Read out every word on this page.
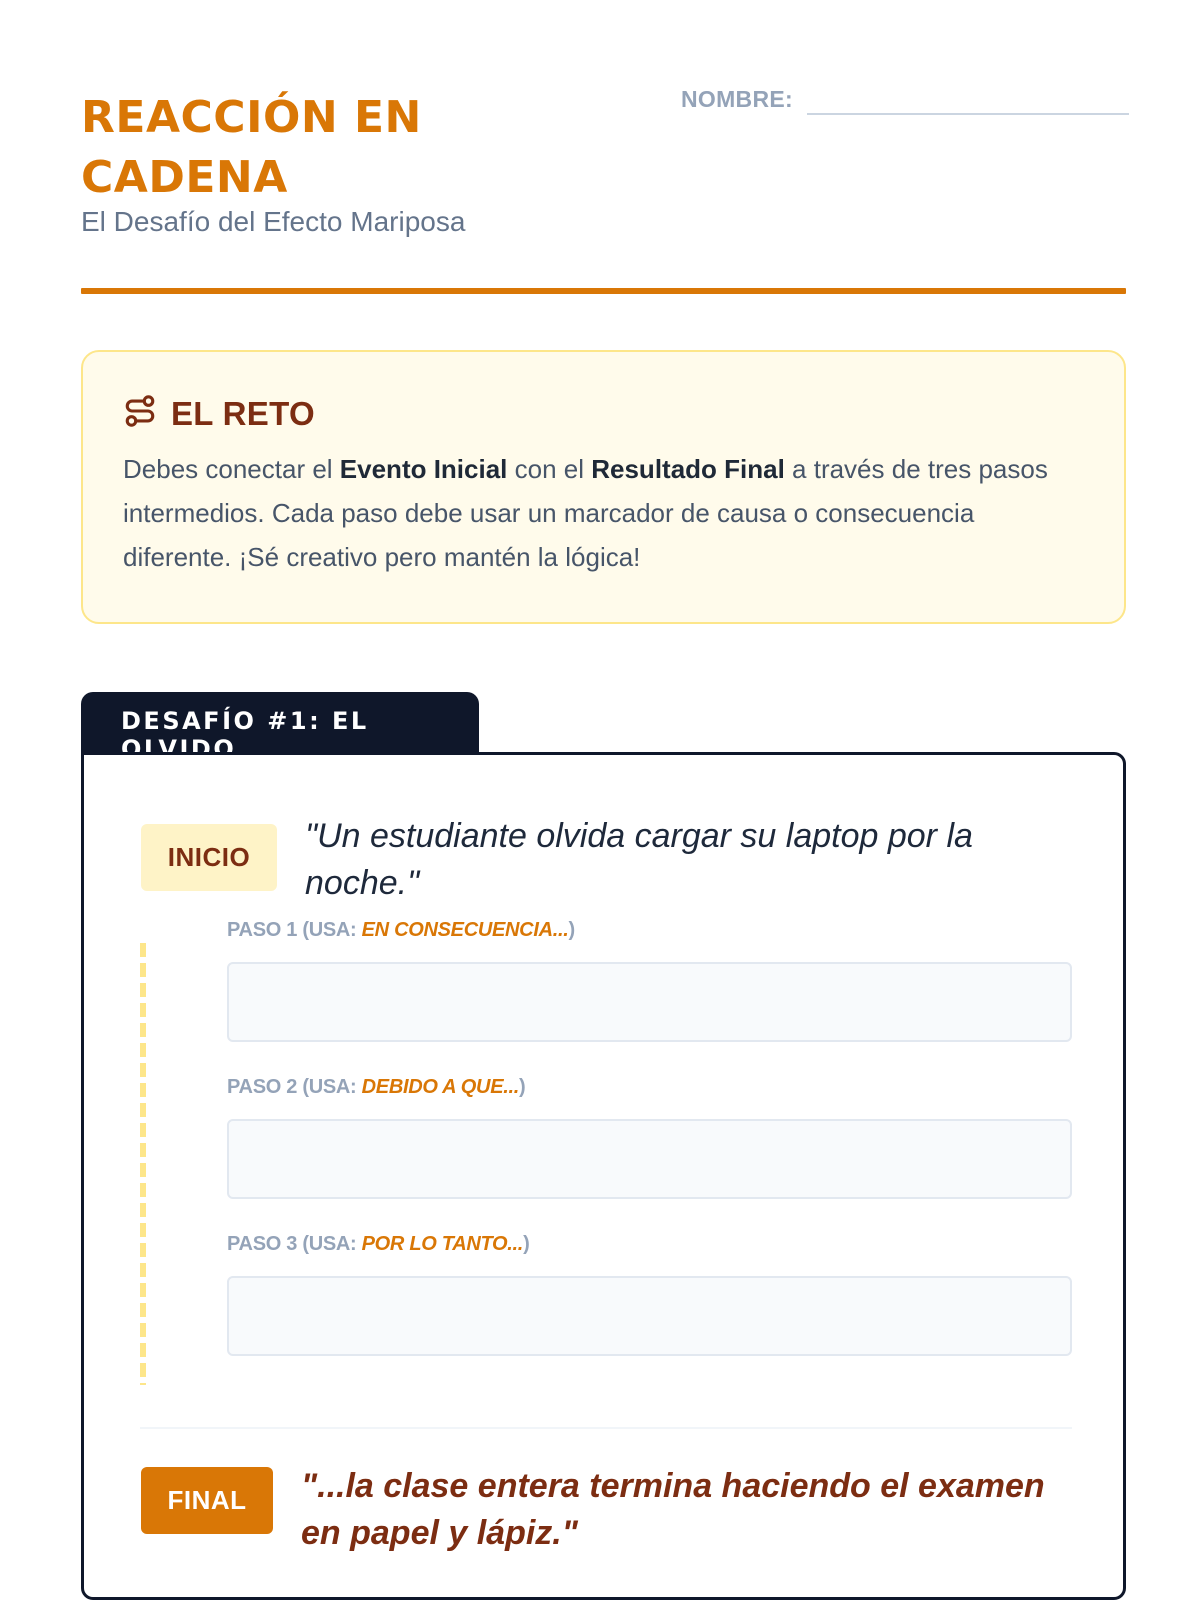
REACCIÓN EN CADENA
El Desafío del Efecto Mariposa
NOMBRE:
EL RETO

Debes conectar el Evento Inicial con el Resultado Final a través de tres pasos intermedios. Cada paso debe usar un marcador de causa o consecuencia diferente. ¡Sé creativo pero mantén la lógica!

DESAFÍO #1: EL OLVIDO
INICIO
"Un estudiante olvida cargar su laptop por la noche."
PASO 1 (USA: EN CONSECUENCIA...)
PASO 2 (USA: DEBIDO A QUE...)
PASO 3 (USA: POR LO TANTO...)
FINAL	"...la clase entera termina haciendo el examen en papel y lápiz."
